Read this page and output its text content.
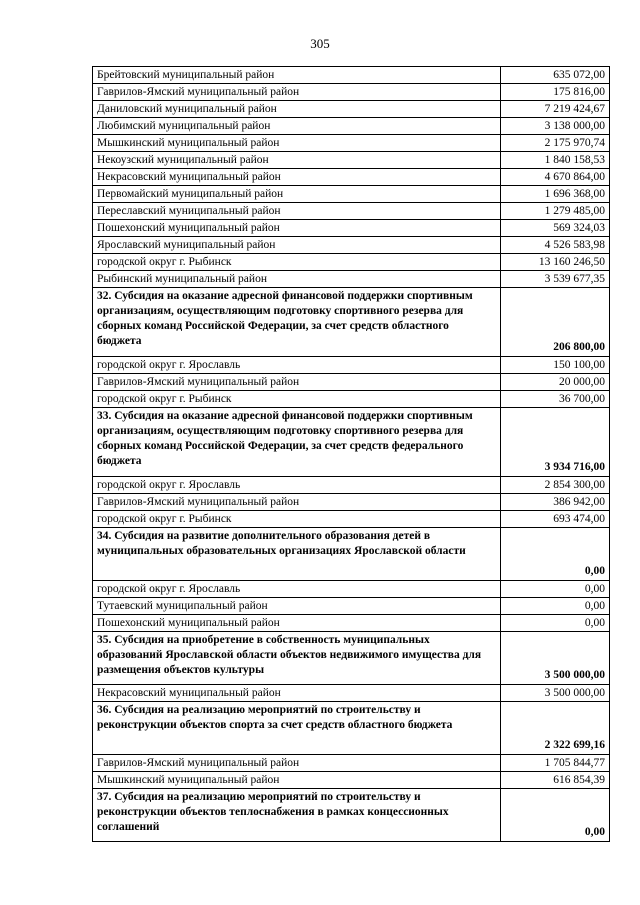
305
Брейтовский муниципальный район	635 072,00
Гаврилов-Ямский муниципальный район	175 816,00
Даниловский муниципальный район	7 219 424,67
Любимский муниципальный район	3 138 000,00
Мышкинский муниципальный район	2 175 970,74
Некоузский муниципальный район	1 840 158,53
Некрасовский муниципальный район	4 670 864,00
Первомайский муниципальный район	1 696 368,00
Переславский муниципальный район	1 279 485,00
Пошехонский муниципальный район	569 324,03
Ярославский муниципальный район	4 526 583,98
городской округ г. Рыбинск	13 160 246,50
Рыбинский муниципальный район	3 539 677,35
32. Субсидия на оказание адресной финансовой поддержки спортивным организациям, осуществляющим подготовку спортивного резерва для сборных команд Российской Федерации, за счет средств областного бюджета	206 800,00
городской округ г. Ярославль	150 100,00
Гаврилов-Ямский муниципальный район	20 000,00
городской округ г. Рыбинск	36 700,00
33. Субсидия на оказание адресной финансовой поддержки спортивным организациям, осуществляющим подготовку спортивного резерва для сборных команд Российской Федерации, за счет средств федерального бюджета	3 934 716,00
городской округ г. Ярославль	2 854 300,00
Гаврилов-Ямский муниципальный район	386 942,00
городской округ г. Рыбинск	693 474,00
34. Субсидия на развитие дополнительного образования детей в муниципальных образовательных организациях Ярославской области	0,00
городской округ г. Ярославль	0,00
Тутаевский муниципальный район	0,00
Пошехонский муниципальный район	0,00
35. Субсидия на приобретение в собственность муниципальных образований Ярославской области объектов недвижимого имущества для размещения объектов культуры	3 500 000,00
Некрасовский муниципальный район	3 500 000,00
36. Субсидия на реализацию мероприятий по строительству и реконструкции объектов спорта за счет средств областного бюджета	2 322 699,16
Гаврилов-Ямский муниципальный район	1 705 844,77
Мышкинский муниципальный район	616 854,39
37. Субсидия на реализацию мероприятий по строительству и реконструкции объектов теплоснабжения в рамках концессионных соглашений	0,00
